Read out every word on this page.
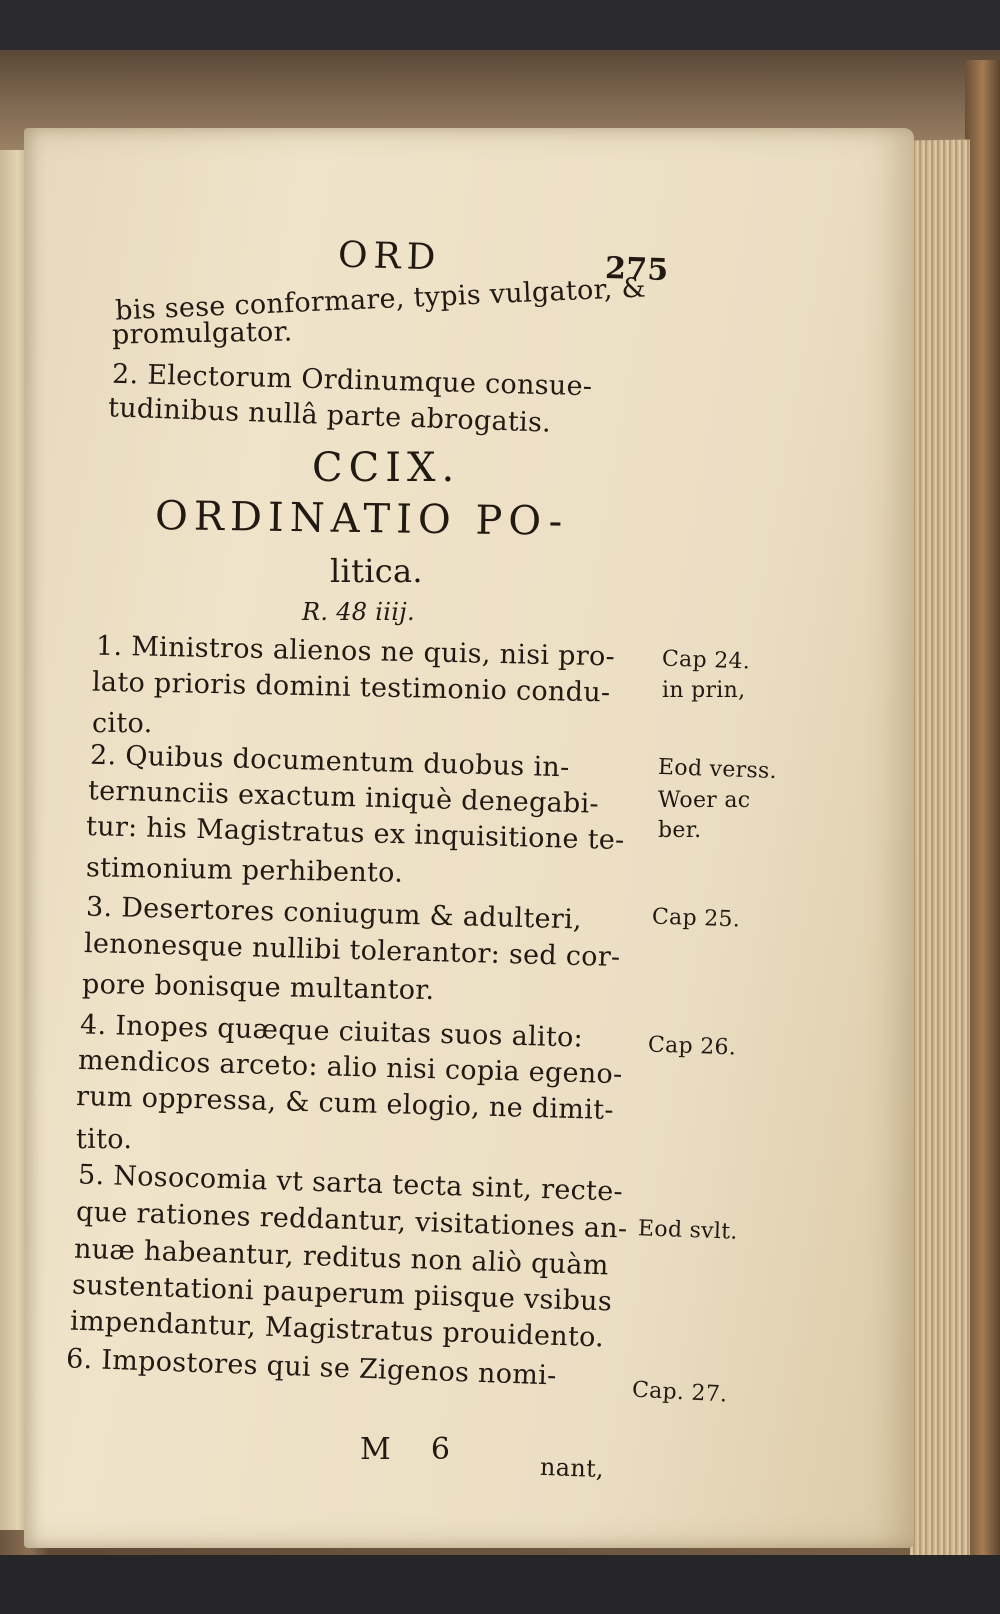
ORD	275
bis sese conformare, typis vulgator, &
promulgator.
2. Electorum Ordinumque consue-
tudinibus nullâ parte abrogatis.
CCIX.
ORDINATIO PO-
litica.
R. 48 iiij.
1. Ministros alienos ne quis, nisi pro-
lato prioris domini testimonio condu-
cito.
2. Quibus documentum duobus in-
ternunciis exactum iniquè denegabi-
tur: his Magistratus ex inquisitione te-
stimonium perhibento.
3. Desertores coniugum & adulteri,
lenonesque nullibi tolerantor: sed cor-
pore bonisque multantor.
4. Inopes quæque ciuitas suos alito:
mendicos arceto: alio nisi copia egeno-
rum oppressa, & cum elogio, ne dimit-
tito.
5. Nosocomia vt sarta tecta sint, recte-
que rationes reddantur, visitationes an-
nuæ habeantur, reditus non aliò quàm
sustentationi pauperum piisque vsibus
impendantur, Magistratus prouidento.
6. Impostores qui se Zigenos nomi-
Cap 24.
in prin,
Eod verss.
Woer ac
ber.
Cap 25.
Cap 26.
Eod svlt.
Cap. 27.
M 6
nant,
